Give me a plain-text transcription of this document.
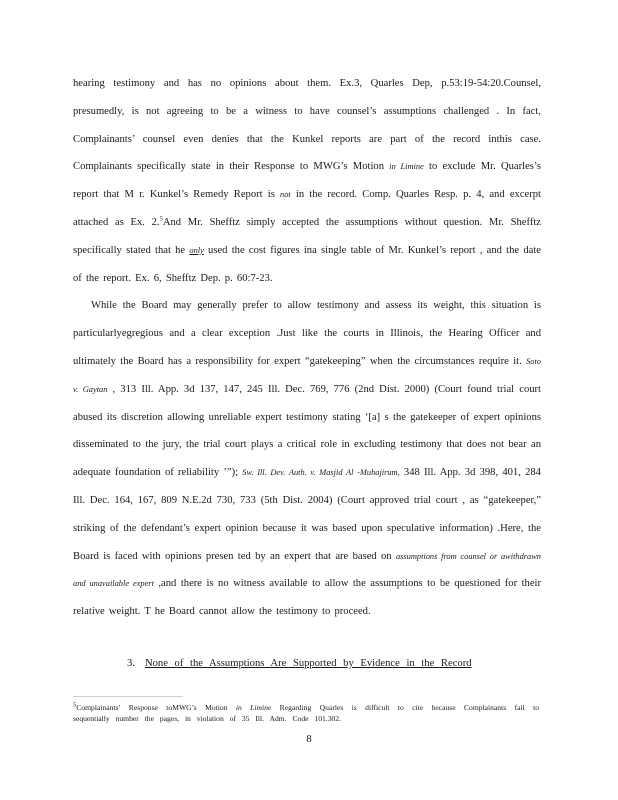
hearing testimony and has no opinions about them. Ex.3, Quarles Dep, p.53:19-54:20.Counsel, presumedly, is not agreeing to be a witness to have counsel’s assumptions challenged . In fact, Complainants’ counsel even denies that the Kunkel reports are part of the record inthis case. Complainants specifically state in their Response to MWG’s Motion in Limine to exclude Mr. Quarles’s report that M r. Kunkel’s Remedy Report is not in the record. Comp. Quarles Resp. p. 4, and excerpt attached as Ex. 2.$^5$And Mr. Shefftz simply accepted the assumptions without question. Mr. Shefftz specifically stated that he only used the cost figures ina single table of Mr. Kunkel’s report , and the date of the report. Ex. 6, Shefftz Dep. p. 60:7-23.

While the Board may generally prefer to allow testimony and assess its weight, this situation is particularlyegregious and a clear exception .Just like the courts in Illinois, the Hearing Officer and ultimately the Board has a responsibility for expert “gatekeeping” when the circumstances require it. Soto v. Gaytan , 313 Ill. App. 3d 137, 147, 245 Ill. Dec. 769, 776 (2nd Dist. 2000) (Court found trial court abused its discretion allowing unreliable expert testimony stating ‘[a] s the gatekeeper of expert opinions disseminated to the jury, the trial court plays a critical role in excluding testimony that does not bear an adequate foundation of reliability ’”); Sw. Ill. Dev. Auth. v. Masjid Al -Muhajirum, 348 Ill. App. 3d 398, 401, 284 Ill. Dec. 164, 167, 809 N.E.2d 730, 733 (5th Dist. 2004) (Court approved trial court , as “gatekeeper,” striking of the defendant’s expert opinion because it was based upon speculative information) .Here, the Board is faced with opinions presen ted by an expert that are based on assumptions from counsel or awithdrawn and unavailable expert ,and there is no witness available to allow the assumptions to be questioned for their relative weight. T he Board cannot allow the testimony to proceed.

3. None of the Assumptions Are Supported by Evidence in the Record
5Complainants’ Response toMWG’s Motion in Limine Regarding Quarles is difficult to cite because Complainants fail to sequentially number the pages, in violation of 35 Ill. Adm. Code 101.302.
8
